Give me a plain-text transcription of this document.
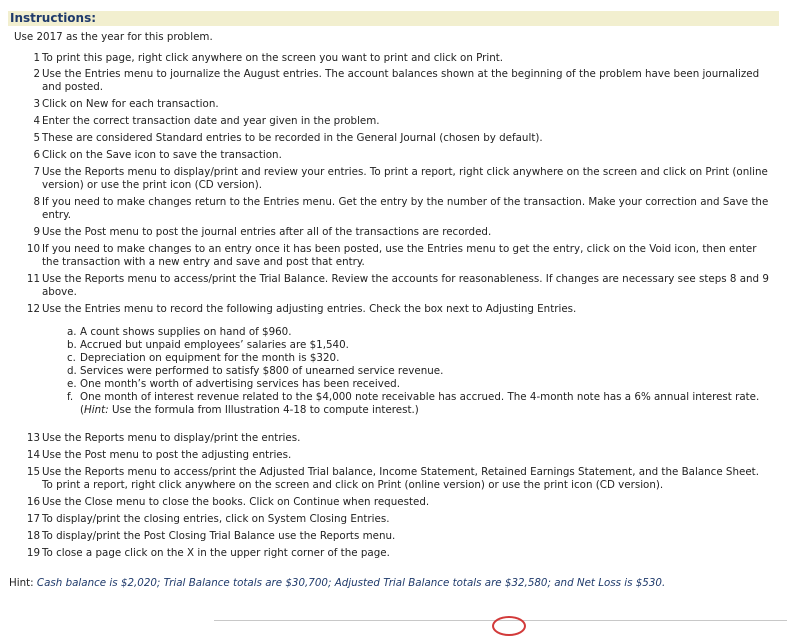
Instructions:
Use 2017 as the year for this problem.
1 To print this page, right click anywhere on the screen you want to print and click on Print.
2 Use the Entries menu to journalize the August entries. The account balances shown at the beginning of the problem have been journalized and posted.
3 Click on New for each transaction.
4 Enter the correct transaction date and year given in the problem.
5 These are considered Standard entries to be recorded in the General Journal (chosen by default).
6 Click on the Save icon to save the transaction.
7 Use the Reports menu to display/print and review your entries. To print a report, right click anywhere on the screen and click on Print (online version) or use the print icon (CD version).
8 If you need to make changes return to the Entries menu. Get the entry by the number of the transaction. Make your correction and Save the entry.
9 Use the Post menu to post the journal entries after all of the transactions are recorded.
10 If you need to make changes to an entry once it has been posted, use the Entries menu to get the entry, click on the Void icon, then enter the transaction with a new entry and save and post that entry.
11 Use the Reports menu to access/print the Trial Balance. Review the accounts for reasonableness. If changes are necessary see steps 8 and 9 above.
12 Use the Entries menu to record the following adjusting entries. Check the box next to Adjusting Entries.
a. A count shows supplies on hand of $960.
b. Accrued but unpaid employees’ salaries are $1,540.
c. Depreciation on equipment for the month is $320.
d. Services were performed to satisfy $800 of unearned service revenue.
e. One month’s worth of advertising services has been received.
f. One month of interest revenue related to the $4,000 note receivable has accrued. The 4-month note has a 6% annual interest rate. (Hint: Use the formula from Illustration 4-18 to compute interest.)
13 Use the Reports menu to display/print the entries.
14 Use the Post menu to post the adjusting entries.
15 Use the Reports menu to access/print the Adjusted Trial balance, Income Statement, Retained Earnings Statement, and the Balance Sheet. To print a report, right click anywhere on the screen and click on Print (online version) or use the print icon (CD version).
16 Use the Close menu to close the books. Click on Continue when requested.
17 To display/print the closing entries, click on System Closing Entries.
18 To display/print the Post Closing Trial Balance use the Reports menu.
19 To close a page click on the X in the upper right corner of the page.
Hint: Cash balance is $2,020; Trial Balance totals are $30,700; Adjusted Trial Balance totals are $32,580; and Net Loss is $530.
